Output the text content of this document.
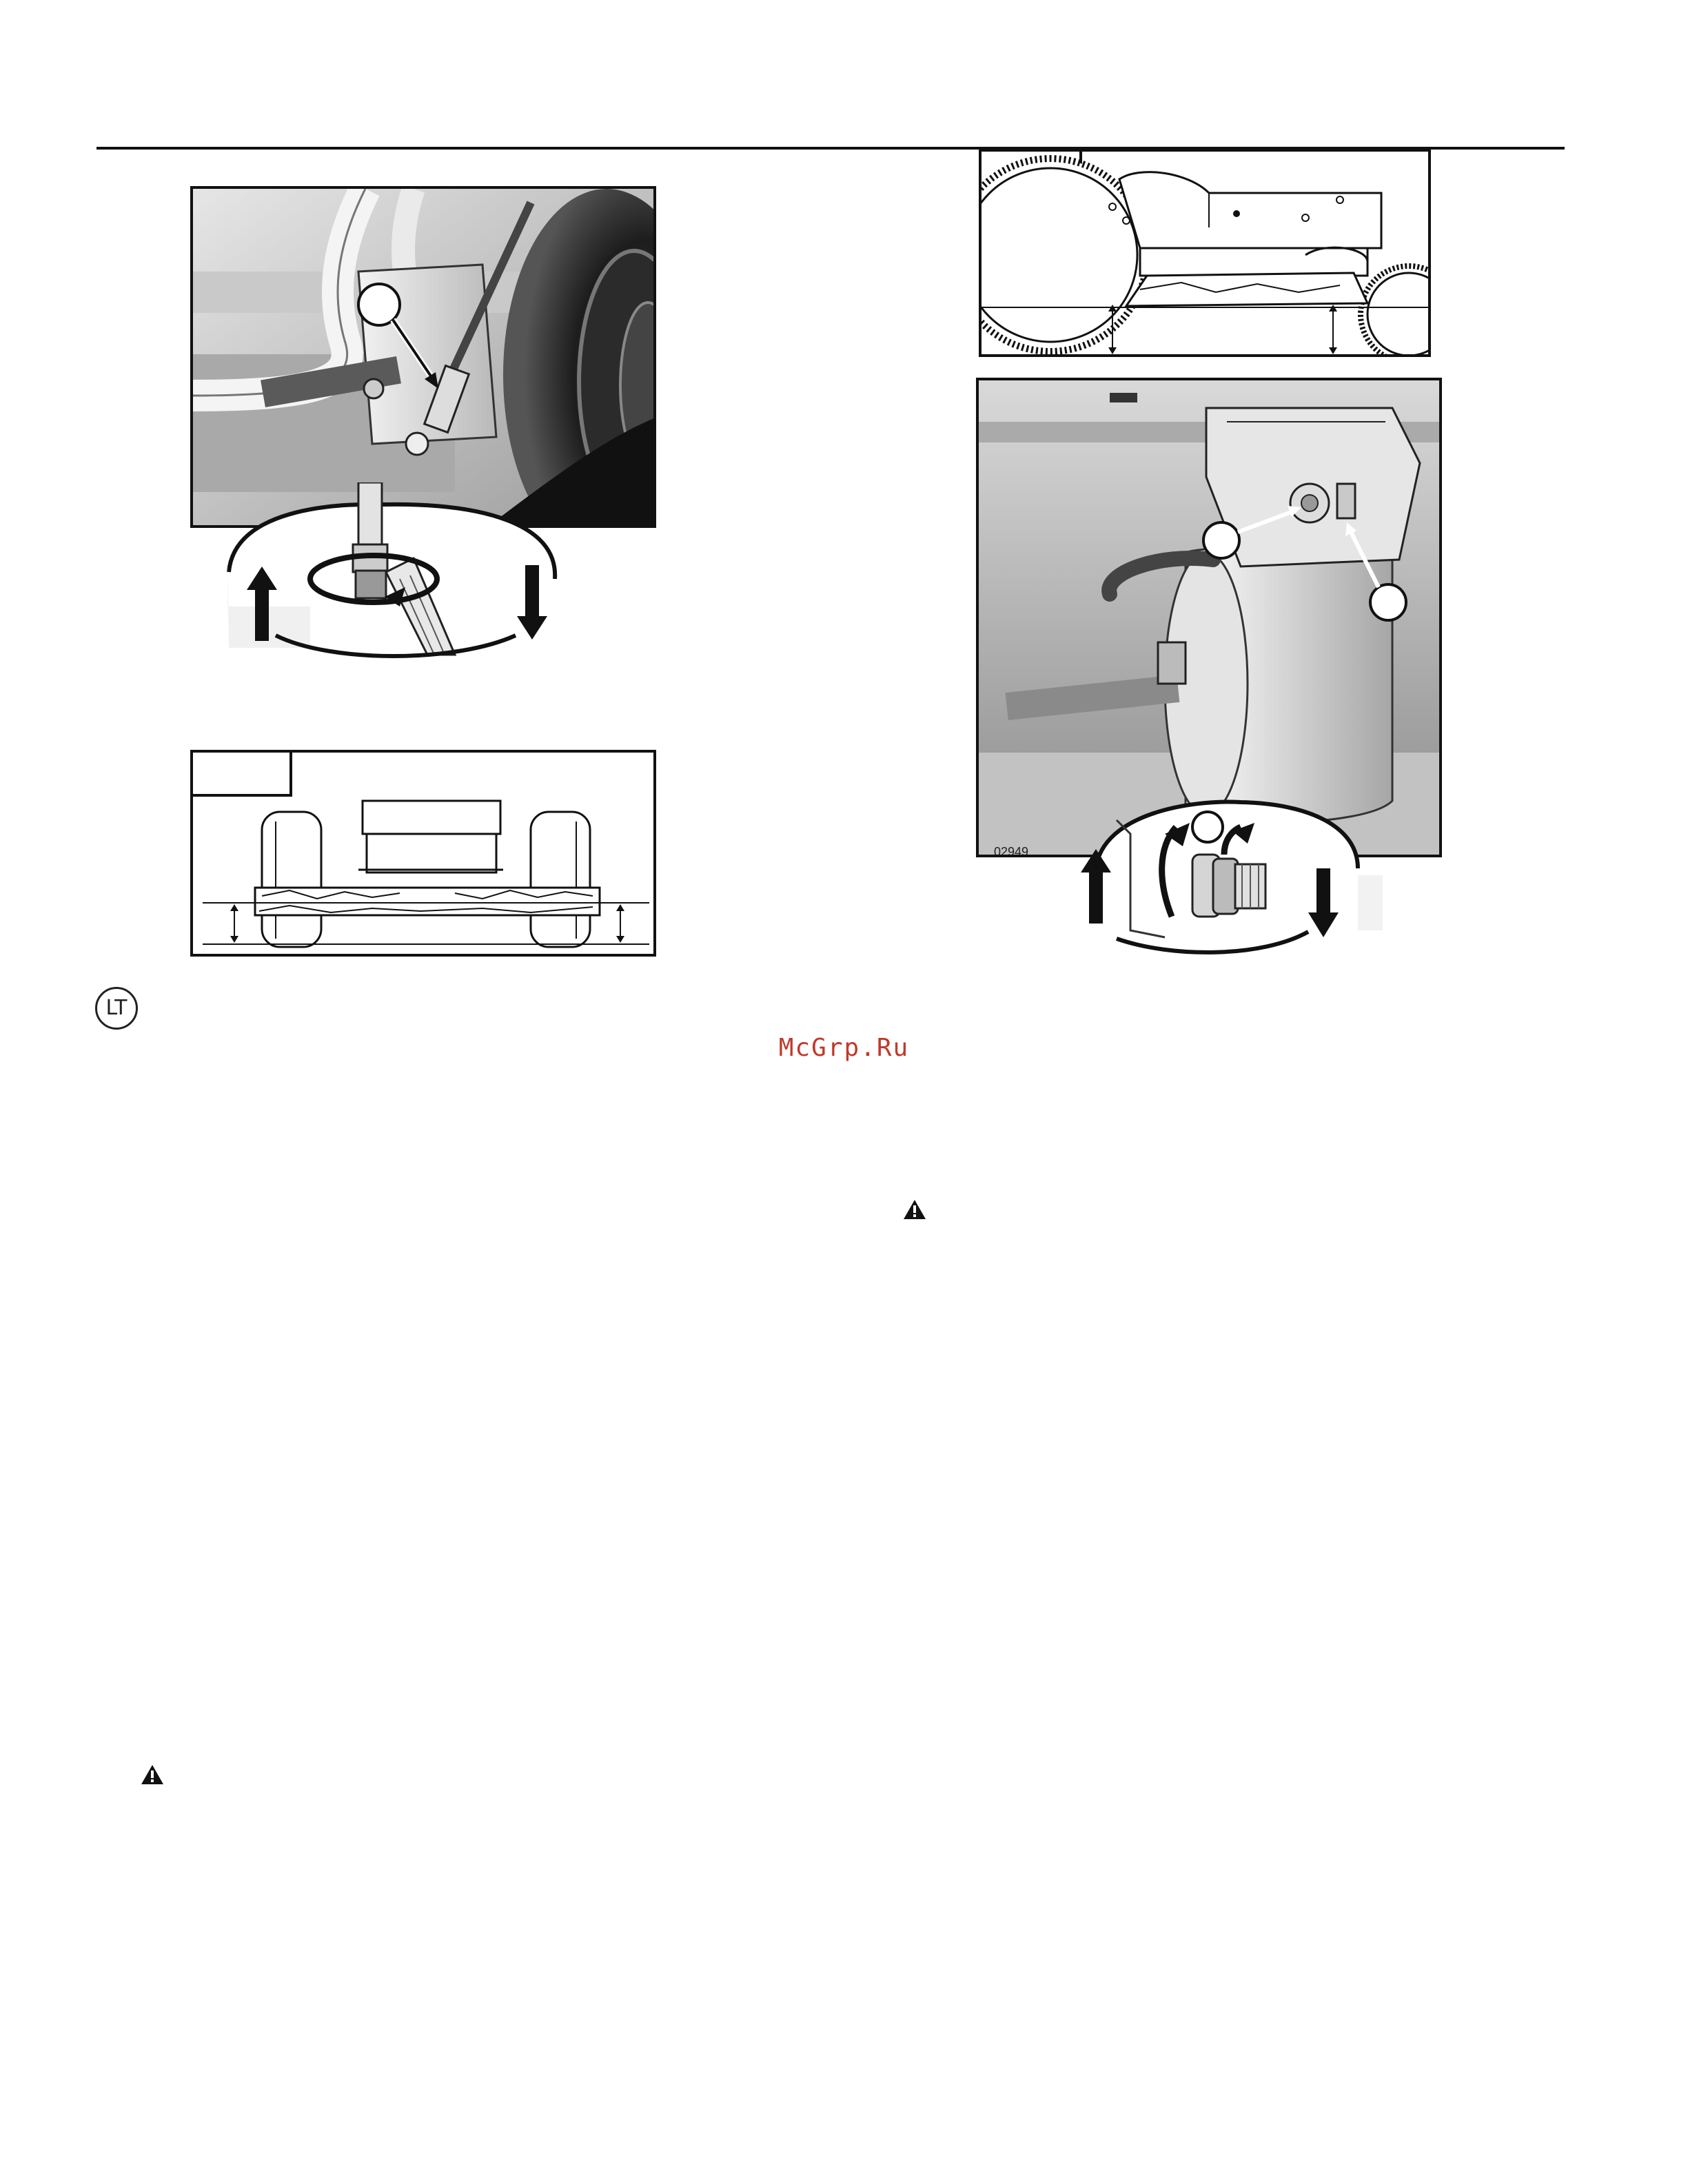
LT
02949
McGrp.Ru
